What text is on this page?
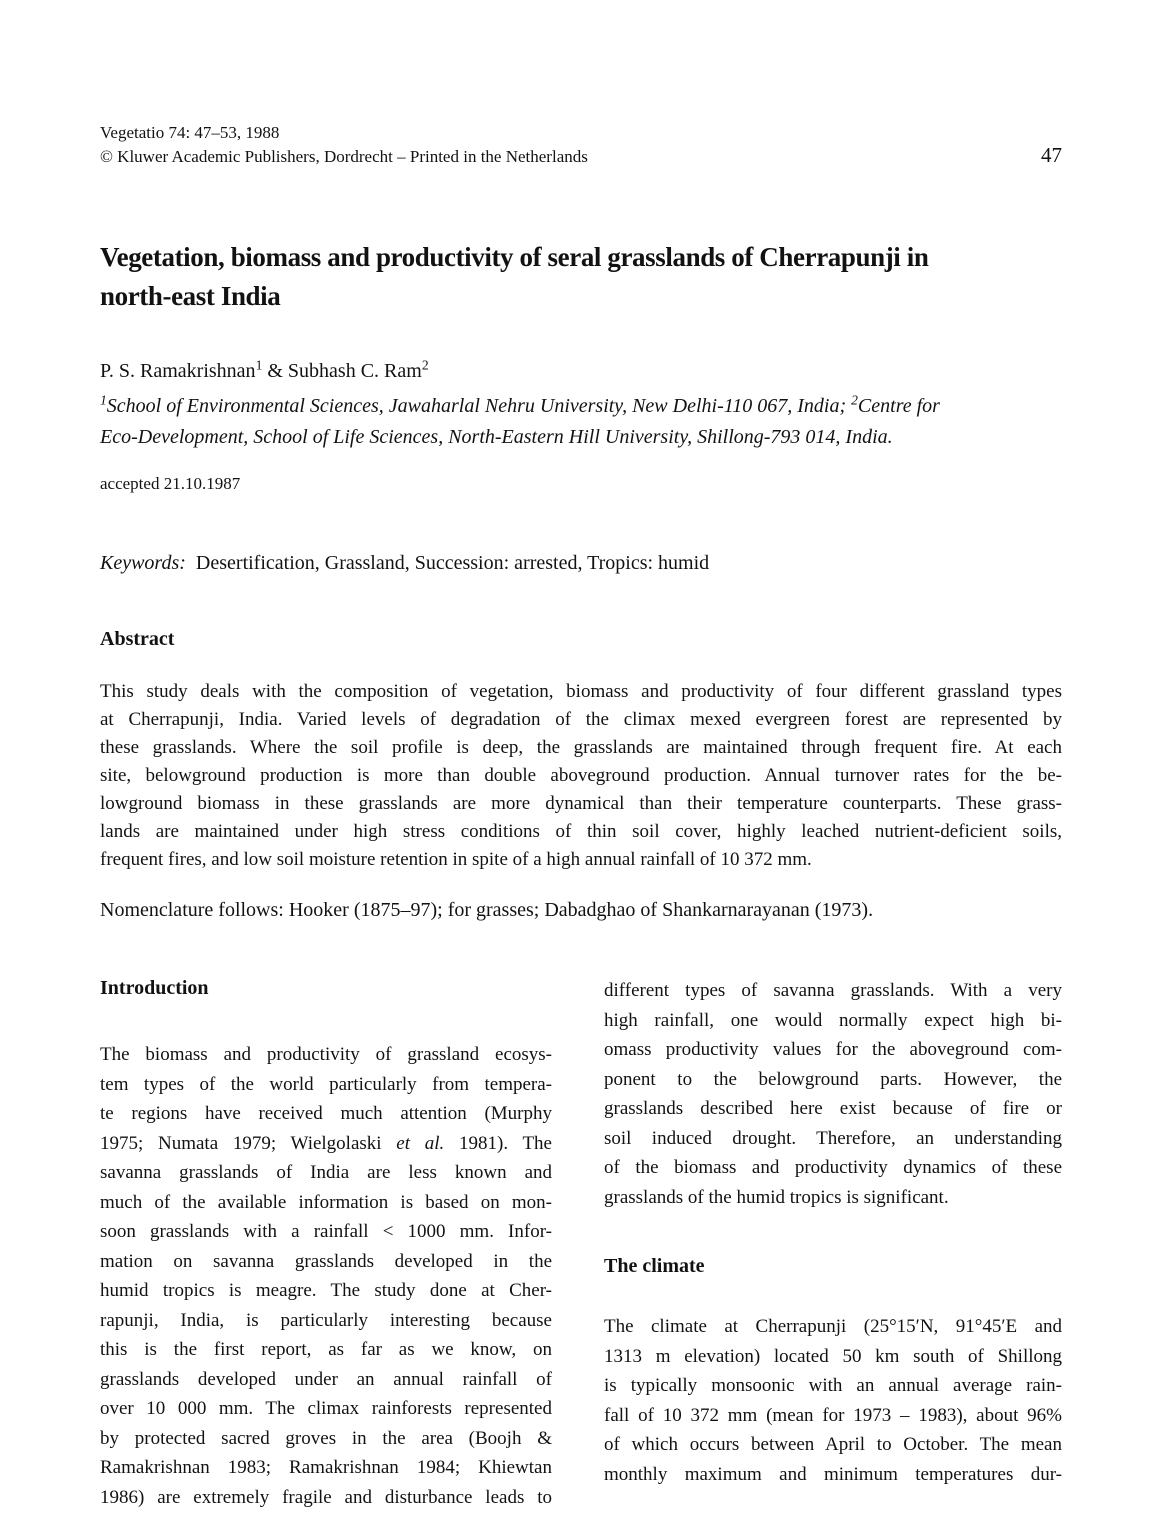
Vegetatio 74: 47–53, 1988
© Kluwer Academic Publishers, Dordrecht – Printed in the Netherlands	47
Vegetation, biomass and productivity of seral grasslands of Cherrapunji in
north-east India
P. S. Ramakrishnan$^1$ & Subhash C. Ram$^2$
$^1$School of Environmental Sciences, Jawaharlal Nehru University, New Delhi-110 067, India; $^2$Centre for
Eco-Development, School of Life Sciences, North-Eastern Hill University, Shillong-793 014, India.
accepted 21.10.1987
Keywords: Desertification, Grassland, Succession: arrested, Tropics: humid
Abstract
This study deals with the composition of vegetation, biomass and productivity of four different grassland types
at Cherrapunji, India. Varied levels of degradation of the climax mexed evergreen forest are represented by
these grasslands. Where the soil profile is deep, the grasslands are maintained through frequent fire. At each
site, belowground production is more than double aboveground production. Annual turnover rates for the be-
lowground biomass in these grasslands are more dynamical than their temperature counterparts. These grass-
lands are maintained under high stress conditions of thin soil cover, highly leached nutrient-deficient soils,
frequent fires, and low soil moisture retention in spite of a high annual rainfall of 10 372 mm.
Nomenclature follows: Hooker (1875–97); for grasses; Dabadghao of Shankarnarayanan (1973).
Introduction
The biomass and productivity of grassland ecosys-
tem types of the world particularly from tempera-
te regions have received much attention (Murphy
1975; Numata 1979; Wielgolaski et al. 1981). The
savanna grasslands of India are less known and
much of the available information is based on mon-
soon grasslands with a rainfall < 1000 mm. Infor-
mation on savanna grasslands developed in the
humid tropics is meagre. The study done at Cher-
rapunji, India, is particularly interesting because
this is the first report, as far as we know, on
grasslands developed under an annual rainfall of
over 10 000 mm. The climax rainforests represented
by protected sacred groves in the area (Boojh &
Ramakrishnan 1983; Ramakrishnan 1984; Khiewtan
1986) are extremely fragile and disturbance leads to
different types of savanna grasslands. With a very
high rainfall, one would normally expect high bi-
omass productivity values for the aboveground com-
ponent to the belowground parts. However, the
grasslands described here exist because of fire or
soil induced drought. Therefore, an understanding
of the biomass and productivity dynamics of these
grasslands of the humid tropics is significant.
The climate
The climate at Cherrapunji (25°15′N, 91°45′E and
1313 m elevation) located 50 km south of Shillong
is typically monsoonic with an annual average rain-
fall of 10 372 mm (mean for 1973 – 1983), about 96%
of which occurs between April to October. The mean
monthly maximum and minimum temperatures dur-
